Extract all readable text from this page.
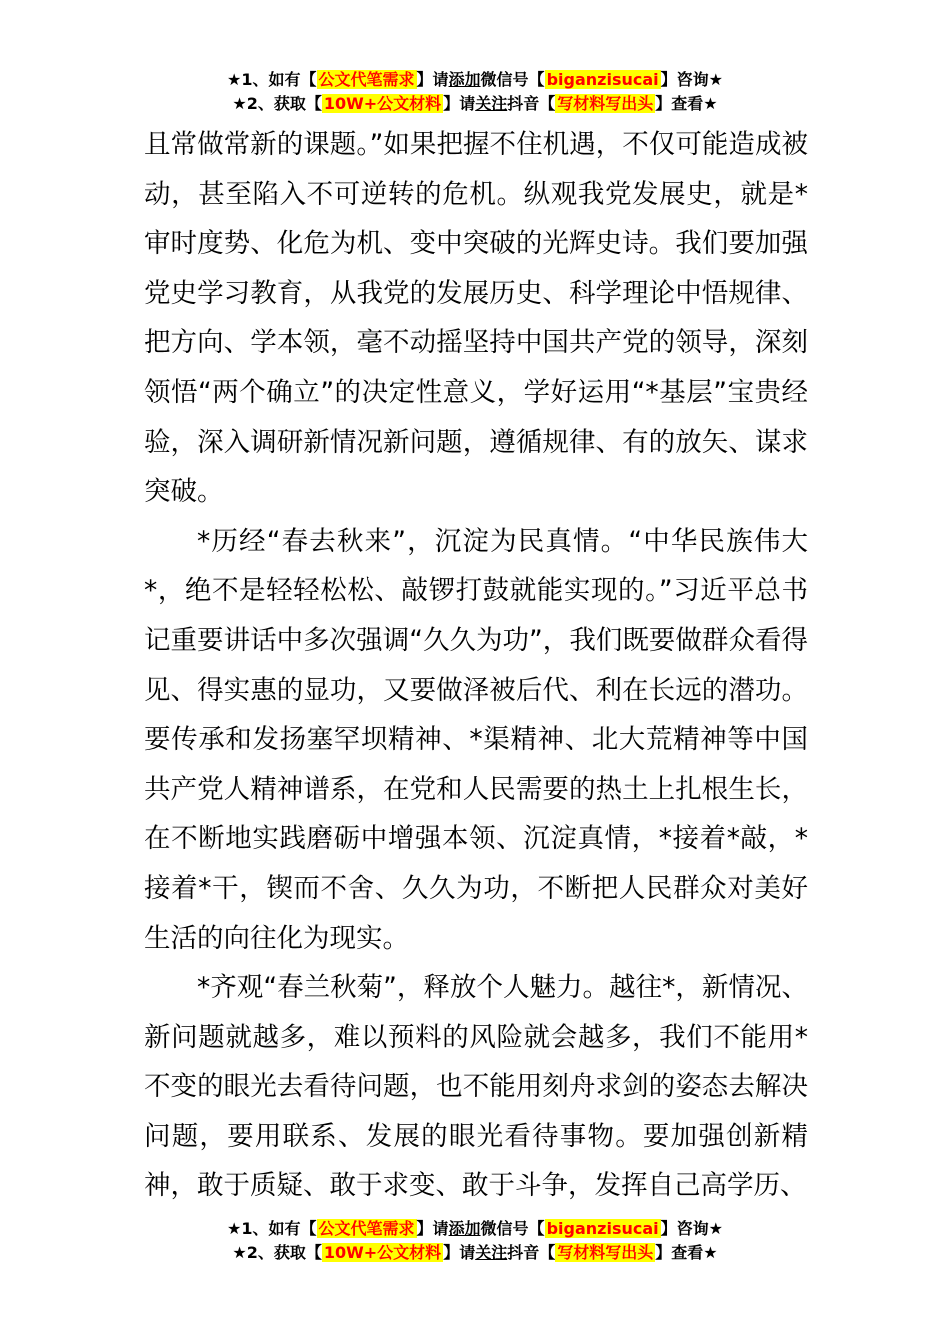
★1、如有【 公文代笔需求 】请添加微信号【 biganzisucai 】咨询★
★2、获取【 10W+公文材料 】请关注抖音【 写材料写出头 】查看★

且常做常新的课题。”如果把握不住机遇，不仅可能造成被动，甚至陷入不可逆转的危机。纵观我党发展史，就是*审时度势、化危为机、变中突破的光辉史诗。我们要加强党史学习教育，从我党的发展历史、科学理论中悟规律、把方向、学本领，毫不动摇坚持中国共产党的领导，深刻领悟“两个确立”的决定性意义，学好运用“*基层”宝贵经验，深入调研新情况新问题，遵循规律、有的放矢、谋求突破。

*历经“春去秋来”，沉淀为民真情。“中华民族伟大*，绝不是轻轻松松、敲锣打鼓就能实现的。”习近平总书记重要讲话中多次强调“久久为功”，我们既要做群众看得见、得实惠的显功，又要做泽被后代、利在长远的潜功。要传承和发扬塞罕坝精神、*渠精神、北大荒精神等中国共产党人精神谱系，在党和人民需要的热土上扎根生长，在不断地实践磨砺中增强本领、沉淀真情，*接着*敲，*接着*干，锲而不舍、久久为功，不断把人民群众对美好生活的向往化为现实。

*齐观“春兰秋菊”，释放个人魅力。越往*，新情况、新问题就越多，难以预料的风险就会越多，我们不能用*不变的眼光去看待问题，也不能用刻舟求剑的姿态去解决问题，要用联系、发展的眼光看待事物。要加强创新精神，敢于质疑、敢于求变、敢于斗争，发挥自己高学历、

★1、如有【 公文代笔需求 】请添加微信号【 biganzisucai 】咨询★
★2、获取【 10W+公文材料 】请关注抖音【 写材料写出头 】查看★
